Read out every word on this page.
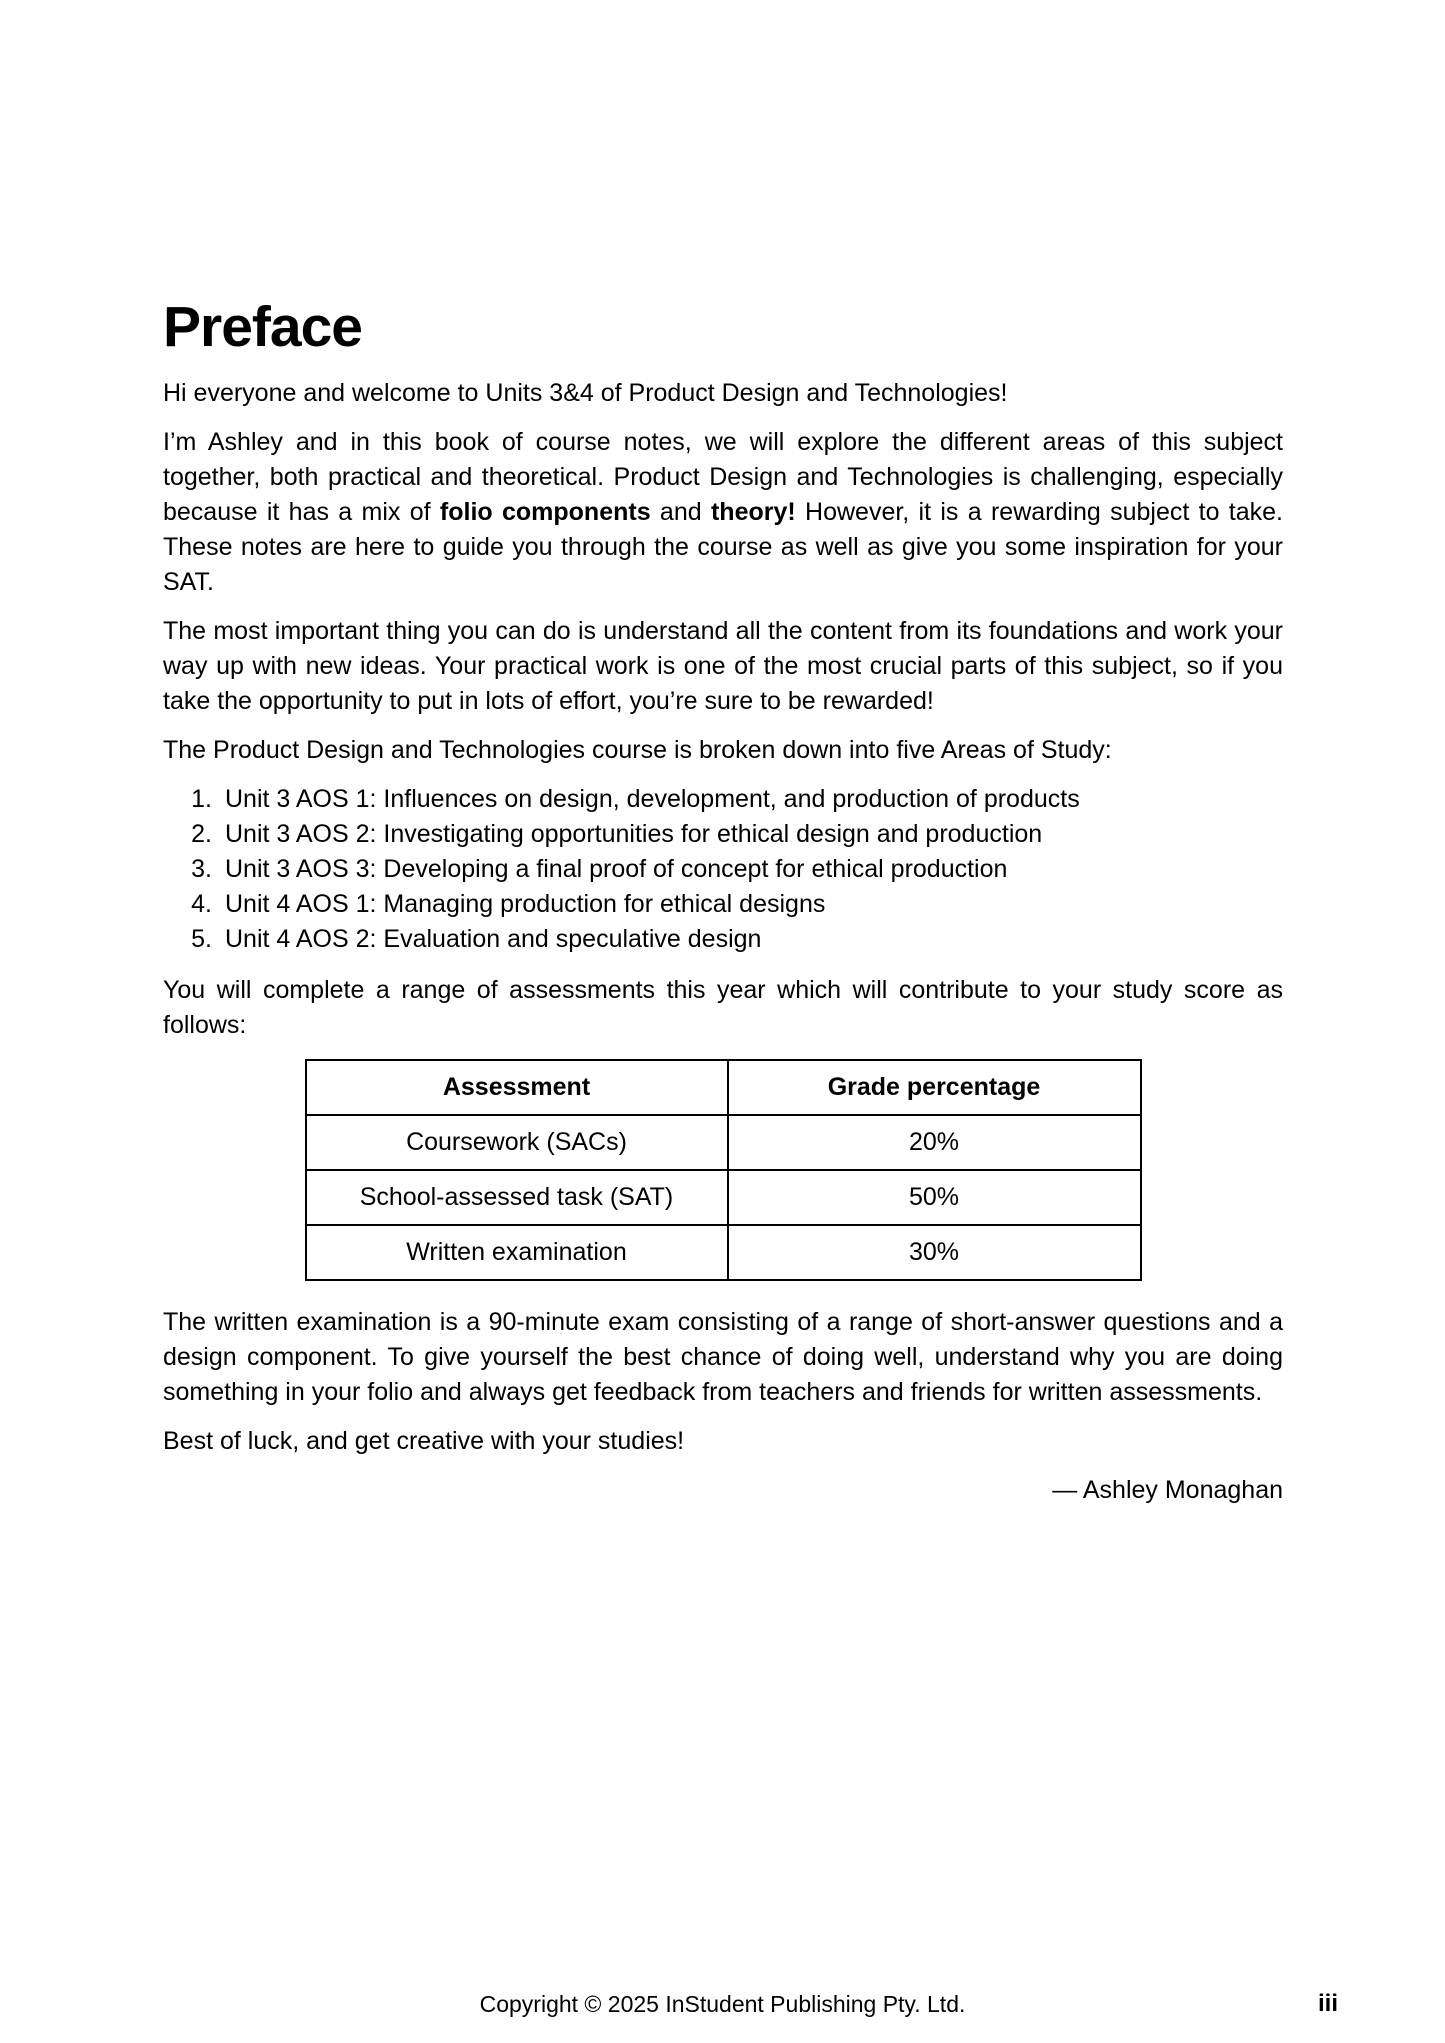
Preface

Hi everyone and welcome to Units 3&4 of Product Design and Technologies!

I’m Ashley and in this book of course notes, we will explore the different areas of this subject together, both practical and theoretical. Product Design and Technologies is challenging, especially because it has a mix of folio components and theory! However, it is a rewarding subject to take. These notes are here to guide you through the course as well as give you some inspiration for your SAT.

The most important thing you can do is understand all the content from its foundations and work your way up with new ideas. Your practical work is one of the most crucial parts of this subject, so if you take the opportunity to put in lots of effort, you’re sure to be rewarded!

The Product Design and Technologies course is broken down into five Areas of Study:

1. Unit 3 AOS 1: Influences on design, development, and production of products
2. Unit 3 AOS 2: Investigating opportunities for ethical design and production
3. Unit 3 AOS 3: Developing a final proof of concept for ethical production
4. Unit 4 AOS 1: Managing production for ethical designs
5. Unit 4 AOS 2: Evaluation and speculative design

You will complete a range of assessments this year which will contribute to your study score as follows:

Assessment	Grade percentage
Coursework (SACs)	20%
School-assessed task (SAT)	50%
Written examination	30%

The written examination is a 90-minute exam consisting of a range of short-answer questions and a design component. To give yourself the best chance of doing well, understand why you are doing something in your folio and always get feedback from teachers and friends for written assessments.

Best of luck, and get creative with your studies!

— Ashley Monaghan

Copyright © 2025 InStudent Publishing Pty. Ltd.	iii
